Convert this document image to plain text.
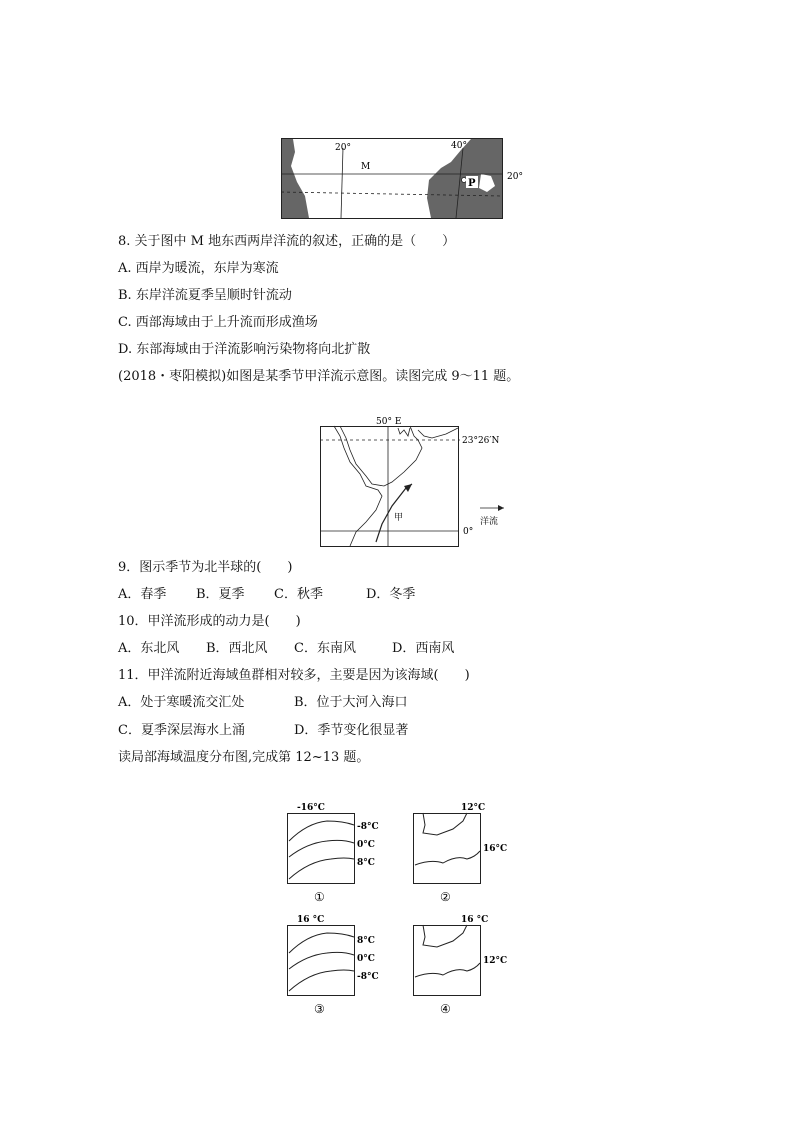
20°	40°
M
P
20°
8. 关于图中 M 地东西两岸洋流的叙述，正确的是（　　）
A. 西岸为暖流，东岸为寒流
B. 东岸洋流夏季呈顺时针流动
C. 西部海域由于上升流而形成渔场
D. 东部海域由于洋流影响污染物将向北扩散
(2018・枣阳模拟)如图是某季节甲洋流示意图。读图完成 9～11 题。
50° E
23°26′N
甲
0°
洋流
9．图示季节为北半球的(　　)
A．春季 B．夏季 C．秋季	D．冬季
10．甲洋流形成的动力是(　　)
A．东北风 B．西北风 C．东南风	D．西南风
11．甲洋流附近海域鱼群相对较多，主要是因为该海域(　　)
A．处于寒暖流交汇处	B．位于大河入海口
C．夏季深层海水上涌	D．季节变化很显著
读局部海域温度分布图,完成第 12~13 题。
-16°C
-8°C
0°C
8°C
①
12°C
16°C
②
16 °C
8°C
0°C
-8°C
③
16 °C
12°C
④
